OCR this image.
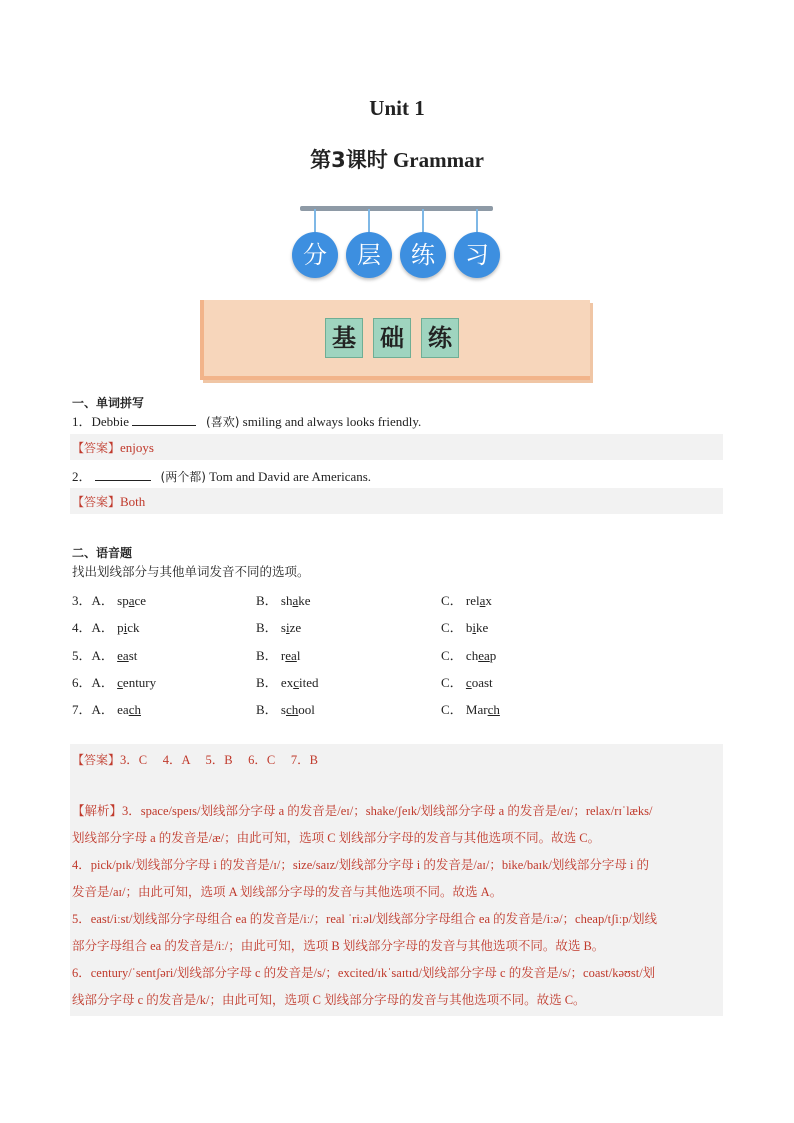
Unit 1
第3课时 Grammar
分	层	练	习
基 础 练
一、单词拼写
1．Debbie	(喜欢) smiling and always looks friendly.
【答案】enjoys
2．	(两个都) Tom and David are Americans.
【答案】Both
二、语音题
找出划线部分与其他单词发音不同的选项。
3．A． space	B． shake	C． relax
4．A． pick	B． size	C． bike
5．A． east	B． real	C． cheap
6．A． century	B． excited	C． coast
7．A． each	B． school	C． March
【答案】3．C　 4．A　 5．B　 6．C　 7．B
【解析】3．space/speɪs/划线部分字母 a 的发音是/eɪ/；shake/ʃeɪk/划线部分字母 a 的发音是/eɪ/；relax/rɪˈlæks/
划线部分字母 a 的发音是/æ/；由此可知，选项 C 划线部分字母的发音与其他选项不同。故选 C。
4．pick/pɪk/划线部分字母 i 的发音是/ɪ/；size/saɪz/划线部分字母 i 的发音是/aɪ/；bike/baɪk/划线部分字母 i 的
发音是/aɪ/；由此可知，选项 A 划线部分字母的发音与其他选项不同。故选 A。
5．east/iːst/划线部分字母组合 ea 的发音是/iː/；real ˈriːəl/划线部分字母组合 ea 的发音是/iːə/；cheap/tʃiːp/划线
部分字母组合 ea 的发音是/iː/；由此可知，选项 B 划线部分字母的发音与其他选项不同。故选 B。
6．century/ˈsentʃəri/划线部分字母 c 的发音是/s/；excited/ɪkˈsaɪtɪd/划线部分字母 c 的发音是/s/；coast/kəʊst/划
线部分字母 c 的发音是/k/；由此可知，选项 C 划线部分字母的发音与其他选项不同。故选 C。
